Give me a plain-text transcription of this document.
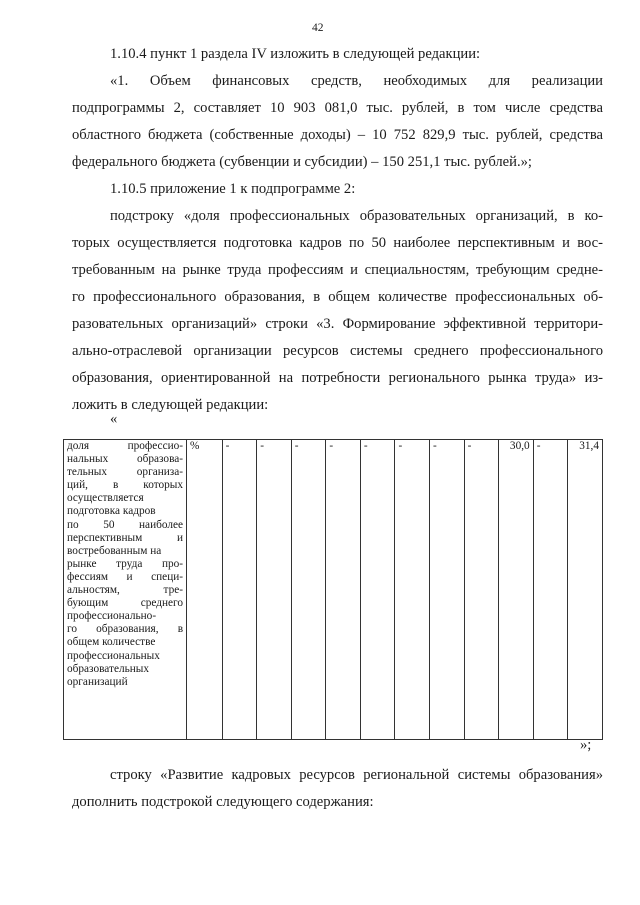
42
1.10.4 пункт 1 раздела IV изложить в следующей редакции:
«1. Объем финансовых средств, необходимых для реализации
подпрограммы 2, составляет 10 903 081,0 тыс. рублей, в том числе средства
областного бюджета (собственные доходы) – 10 752 829,9 тыс. рублей, средства
федерального бюджета (субвенции и субсидии) – 150 251,1 тыс. рублей.»;
1.10.5 приложение 1 к подпрограмме 2:
подстроку «доля профессиональных образовательных организаций, в ко-
торых осуществляется подготовка кадров по 50 наиболее перспективным и вос-
требованным на рынке труда профессиям и специальностям, требующим средне-
го профессионального образования, в общем количестве профессиональных об-
разовательных организаций» строки «3. Формирование эффективной территори-
ально-отраслевой организации ресурсов системы среднего профессионального
образования, ориентированной на потребности регионального рынка труда» из-
ложить в следующей редакции:
«
доля профессио-
нальных образова-
тельных организа-
ций, в которых
осуществляется
подготовка кадров
по 50 наиболее
перспективным и
востребованным на
рынке труда про-
фессиям и специ-
альностям, тре-
бующим среднего
профессионально-
го образования, в
общем количестве
профессиональных
образовательных
организаций
	%	-	-	-	-	-	-	-	-	30,0	-	31,4
»;
строку «Развитие кадровых ресурсов региональной системы образования»
дополнить подстрокой следующего содержания:
